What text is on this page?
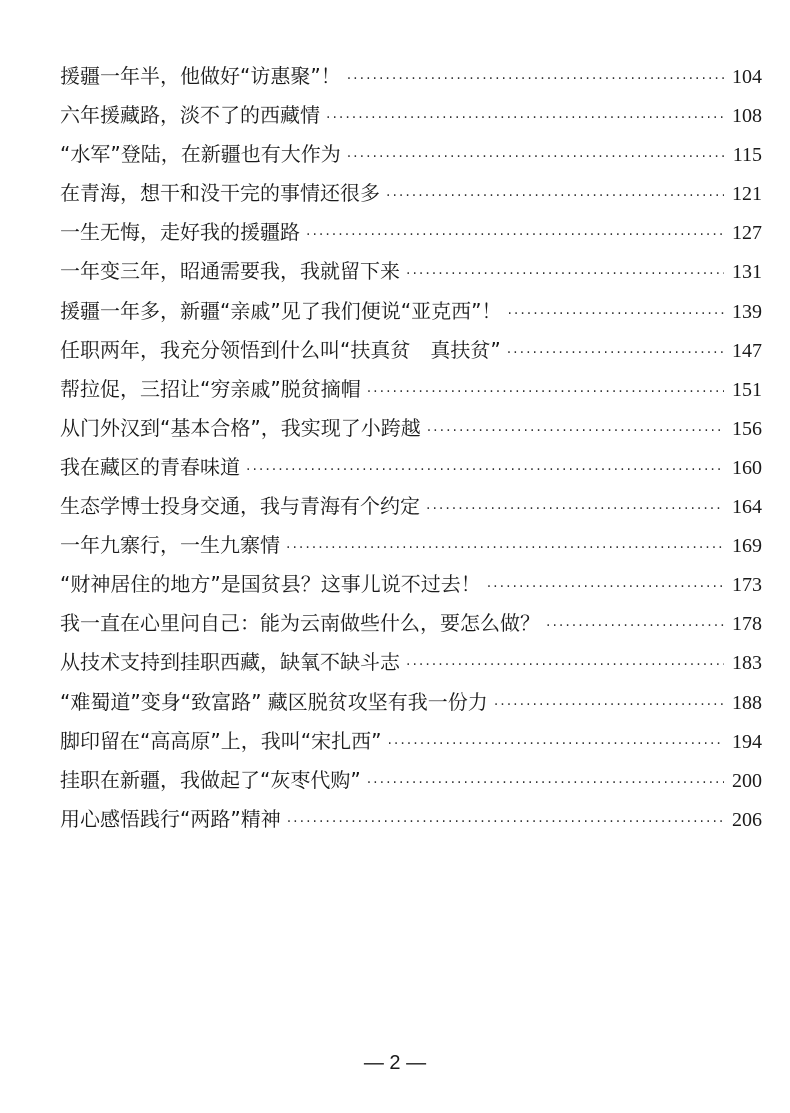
援疆一年半，他做好“访惠聚”！ ·····	104
六年援藏路，淡不了的西藏情 ·····	108
“水军”登陆，在新疆也有大作为 ·····	115
在青海，想干和没干完的事情还很多 ·····	121
一生无悔，走好我的援疆路 ·····	127
一年变三年，昭通需要我，我就留下来 ·····	131
援疆一年多，新疆“亲戚”见了我们便说“亚克西”！ ·····	139
任职两年，我充分领悟到什么叫“扶真贫　真扶贫” ·····	147
帮拉促，三招让“穷亲戚”脱贫摘帽 ·····	151
从门外汉到“基本合格”，我实现了小跨越 ·····	156
我在藏区的青春味道 ·····	160
生态学博士投身交通，我与青海有个约定 ·····	164
一年九寨行，一生九寨情 ·····	169
“财神居住的地方”是国贫县？这事儿说不过去！ ·····	173
我一直在心里问自己：能为云南做些什么，要怎么做？ ·····	178
从技术支持到挂职西藏，缺氧不缺斗志 ·····	183
“难蜀道”变身“致富路” 藏区脱贫攻坚有我一份力 ·····	188
脚印留在“高高原”上，我叫“宋扎西” ·····	194
挂职在新疆，我做起了“灰枣代购” ·····	200
用心感悟践行“两路”精神 ·····	206
— 2 —
